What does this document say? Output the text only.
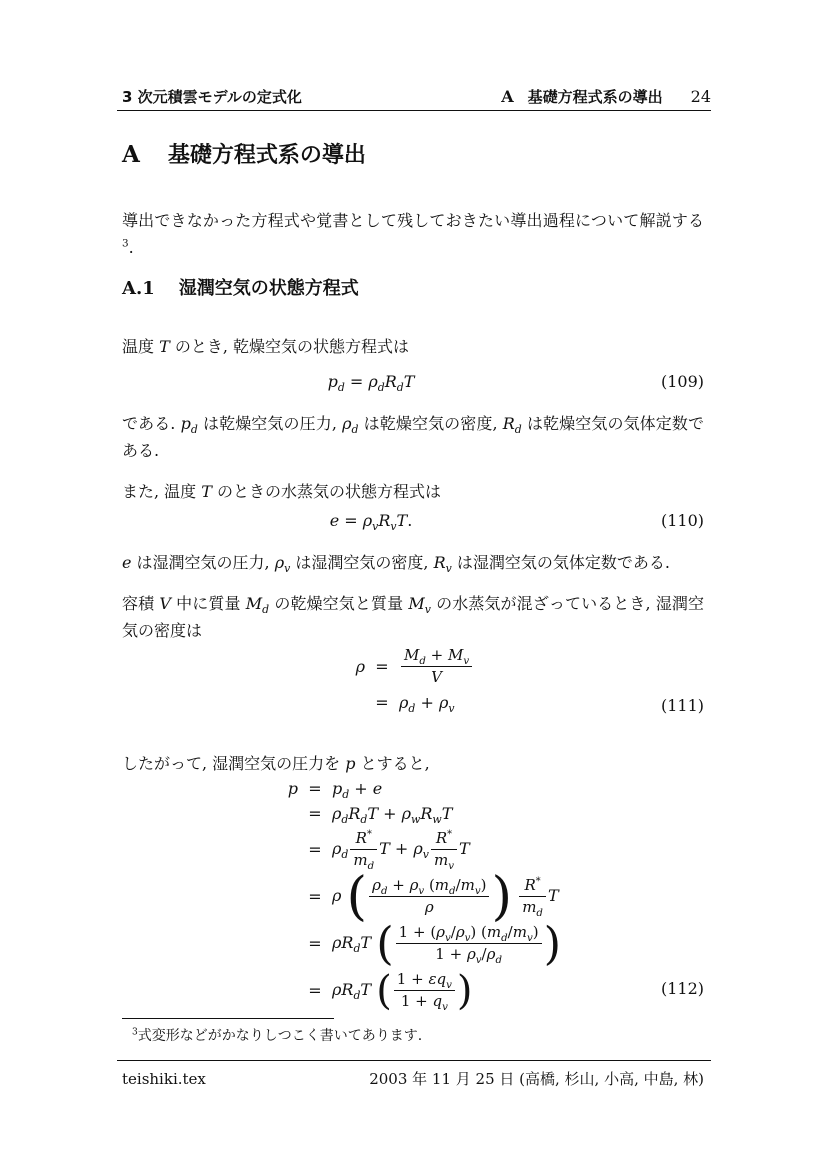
3 次元積雲モデルの定式化	A 基礎方程式系の導出 24
A 基礎方程式系の導出
導出できなかった方程式や覚書として残しておきたい導出過程について解説する$^3$.
A.1 湿潤空気の状態方程式
温度 T のとき, 乾燥空気の状態方程式は
$p_d = \rho_dR_dT$	(109)
である. $p_d$ は乾燥空気の圧力, $\rho_d$ は乾燥空気の密度, $R_d$ は乾燥空気の気体定数である.
また, 温度 T のときの水蒸気の状態方程式は
$e = \rho_vR_vT$.	(110)
e は湿潤空気の圧力, $\rho_v$ は湿潤空気の密度, $R_v$ は湿潤空気の気体定数である.
容積 V 中に質量 $M_d$ の乾燥空気と質量 $M_v$ の水蒸気が混ざっているとき, 湿潤空気の密度は
ρ	=	$\frac{M_d + M_v}{V}$

	=	$\rho_d + \rho_v$	(111)
したがって, 湿潤空気の圧力を p とすると,
p	=	$p_d + e$
	=	$\rho_dR_dT + \rho_wR_wT$
	=	$\rho_d \frac{R^*}{m_d}$ $T + \rho_v \frac{R^*}{m_v}$ T
	=	ρ ( $\frac{\rho_d + \rho_v (m_d/m_v)}{\rho}$ ) $\frac{R^*}{m_d}$ T
	=	$\rho R_dT$ ( $\frac{1 + (\rho_v/\rho_v) (m_d/m_v)}{1 + \rho_v/\rho_d}$ )
	=	$\rho R_dT$ ( $1 + \varepsilon q_v$
$1 + q_v$ )	(112)
$^3$式変形などがかなりしつこく書いてあります.
teishiki.tex	2003 年 11 月 25 日 (高橋, 杉山, 小高, 中島, 林)
